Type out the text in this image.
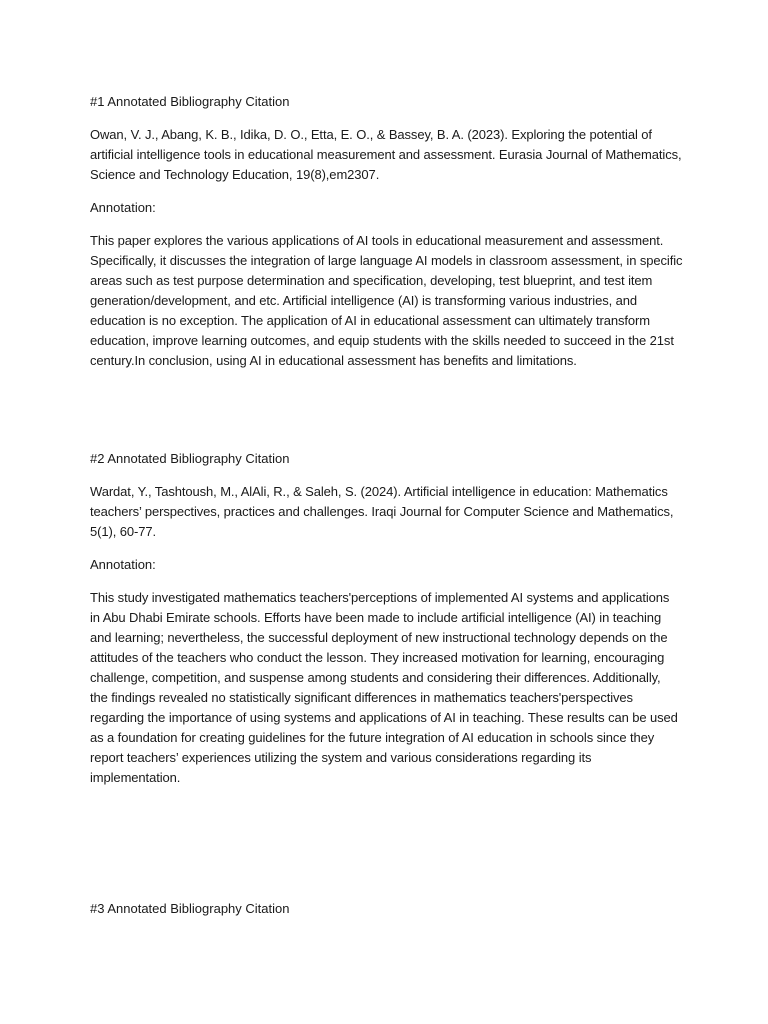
#1 Annotated Bibliography Citation
Owan, V. J., Abang, K. B., Idika, D. O., Etta, E. O., & Bassey, B. A. (2023). Exploring the potential of
artificial intelligence tools in educational measurement and assessment. Eurasia Journal of Mathematics,
Science and Technology Education, 19(8),em2307.
Annotation:
This paper explores the various applications of AI tools in educational measurement and assessment.
Specifically, it discusses the integration of large language AI models in classroom assessment, in specific
areas such as test purpose determination and specification, developing, test blueprint, and test item
generation/development, and etc. Artificial intelligence (AI) is transforming various industries, and
education is no exception. The application of AI in educational assessment can ultimately transform
education, improve learning outcomes, and equip students with the skills needed to succeed in the 21st
century.In conclusion, using AI in educational assessment has benefits and limitations.
#2 Annotated Bibliography Citation
Wardat, Y., Tashtoush, M., AlAli, R., & Saleh, S. (2024). Artificial intelligence in education: Mathematics
teachers’ perspectives, practices and challenges. Iraqi Journal for Computer Science and Mathematics,
5(1), 60-77.
Annotation:
This study investigated mathematics teachers'perceptions of implemented AI systems and applications
in Abu Dhabi Emirate schools. Efforts have been made to include artificial intelligence (AI) in teaching
and learning; nevertheless, the successful deployment of new instructional technology depends on the
attitudes of the teachers who conduct the lesson. They increased motivation for learning, encouraging
challenge, competition, and suspense among students and considering their differences. Additionally,
the findings revealed no statistically significant differences in mathematics teachers'perspectives
regarding the importance of using systems and applications of AI in teaching. These results can be used
as a foundation for creating guidelines for the future integration of AI education in schools since they
report teachers’ experiences utilizing the system and various considerations regarding its
implementation.
#3 Annotated Bibliography Citation
